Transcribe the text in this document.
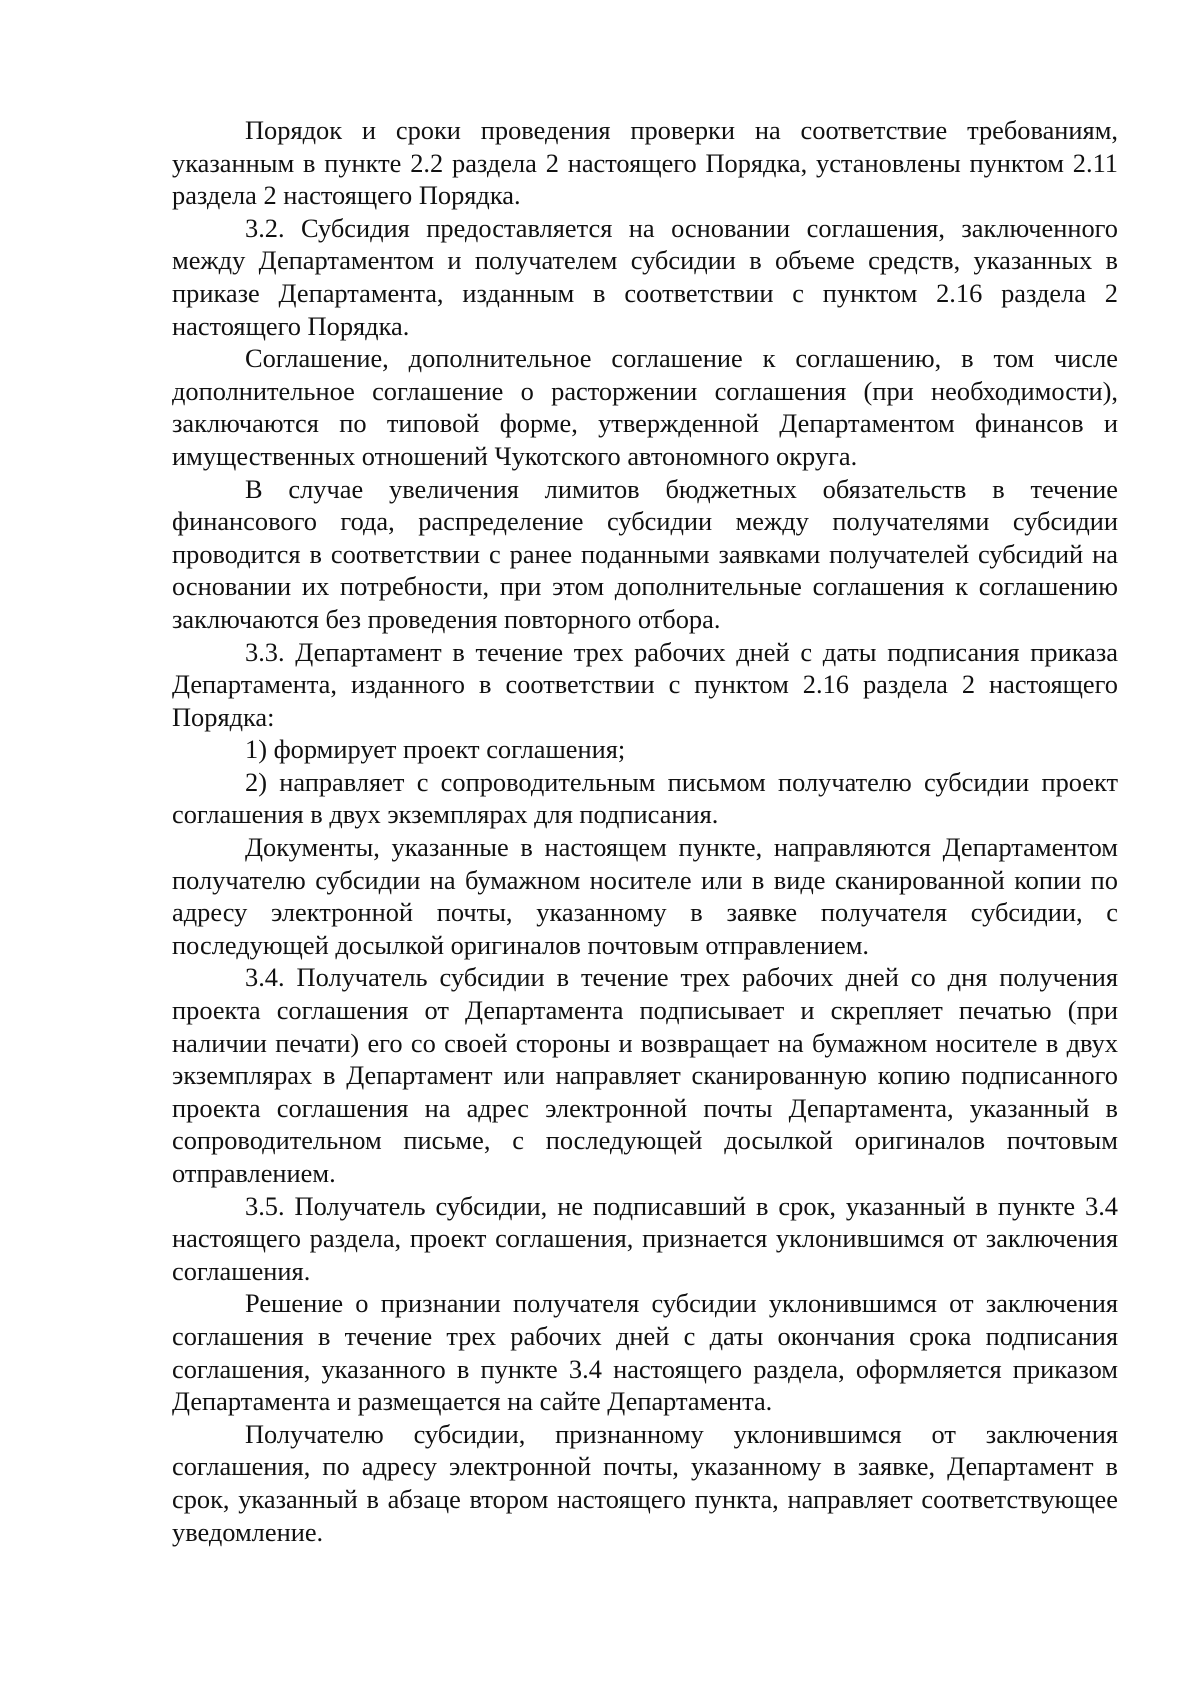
Порядок и сроки проведения проверки на соответствие требованиям, указанным в пункте 2.2 раздела 2 настоящего Порядка, установлены пунктом 2.11 раздела 2 настоящего Порядка.

3.2. Субсидия предоставляется на основании соглашения, заключенного между Департаментом и получателем субсидии в объеме средств, указанных в приказе Департамента, изданным в соответствии с пунктом 2.16 раздела 2 настоящего Порядка.

Соглашение, дополнительное соглашение к соглашению, в том числе дополнительное соглашение о расторжении соглашения (при необходимости), заключаются по типовой форме, утвержденной Департаментом финансов и имущественных отношений Чукотского автономного округа.

В случае увеличения лимитов бюджетных обязательств в течение финансового года, распределение субсидии между получателями субсидии проводится в соответствии с ранее поданными заявками получателей субсидий на основании их потребности, при этом дополнительные соглашения к соглашению заключаются без проведения повторного отбора.

3.3. Департамент в течение трех рабочих дней с даты подписания приказа Департамента, изданного в соответствии с пунктом 2.16 раздела 2 настоящего Порядка:

1) формирует проект соглашения;

2) направляет с сопроводительным письмом получателю субсидии проект соглашения в двух экземплярах для подписания.

Документы, указанные в настоящем пункте, направляются Департаментом получателю субсидии на бумажном носителе или в виде сканированной копии по адресу электронной почты, указанному в заявке получателя субсидии, с последующей досылкой оригиналов почтовым отправлением.

3.4. Получатель субсидии в течение трех рабочих дней со дня получения проекта соглашения от Департамента подписывает и скрепляет печатью (при наличии печати) его со своей стороны и возвращает на бумажном носителе в двух экземплярах в Департамент или направляет сканированную копию подписанного проекта соглашения на адрес электронной почты Департамента, указанный в сопроводительном письме, с последующей досылкой оригиналов почтовым отправлением.

3.5. Получатель субсидии, не подписавший в срок, указанный в пункте 3.4 настоящего раздела, проект соглашения, признается уклонившимся от заключения соглашения.

Решение о признании получателя субсидии уклонившимся от заключения соглашения в течение трех рабочих дней с даты окончания срока подписания соглашения, указанного в пункте 3.4 настоящего раздела, оформляется приказом Департамента и размещается на сайте Департамента.

Получателю субсидии, признанному уклонившимся от заключения соглашения, по адресу электронной почты, указанному в заявке, Департамент в срок, указанный в абзаце втором настоящего пункта, направляет соответствующее уведомление.
